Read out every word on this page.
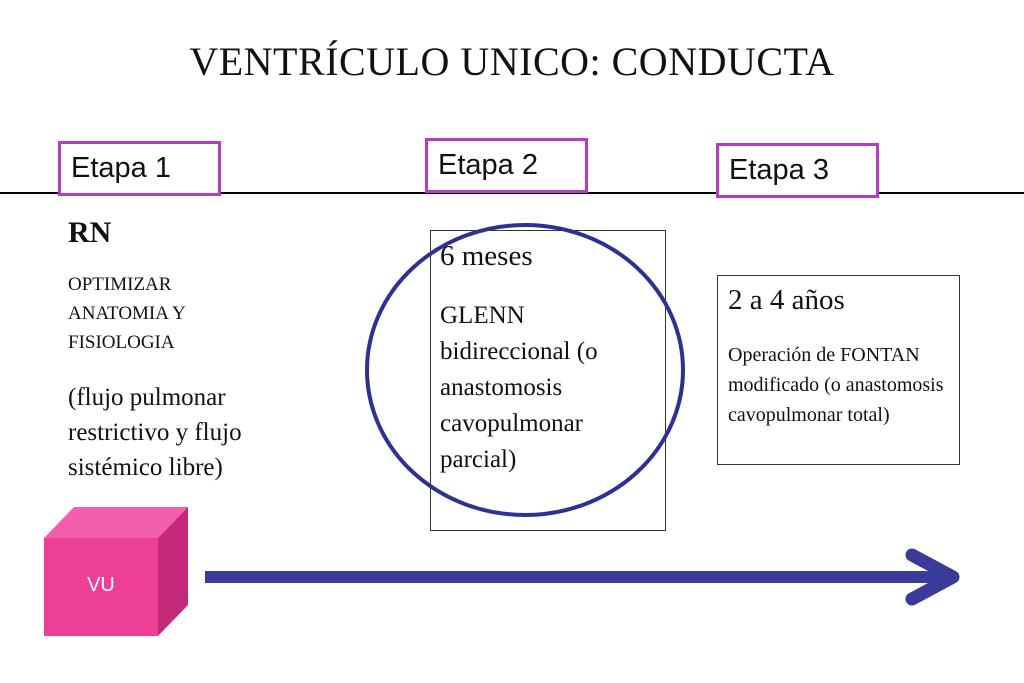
VENTRÍCULO UNICO: CONDUCTA
Etapa 1	Etapa 2	Etapa 3
RN
OPTIMIZAR ANATOMIA Y FISIOLOGIA
(flujo pulmonar restrictivo y flujo sistémico libre)
6 meses
GLENN bidireccional (o anastomosis cavopulmonar parcial)
2 a 4 años
Operación de FONTAN modificado (o anastomosis cavopulmonar total)
VU
